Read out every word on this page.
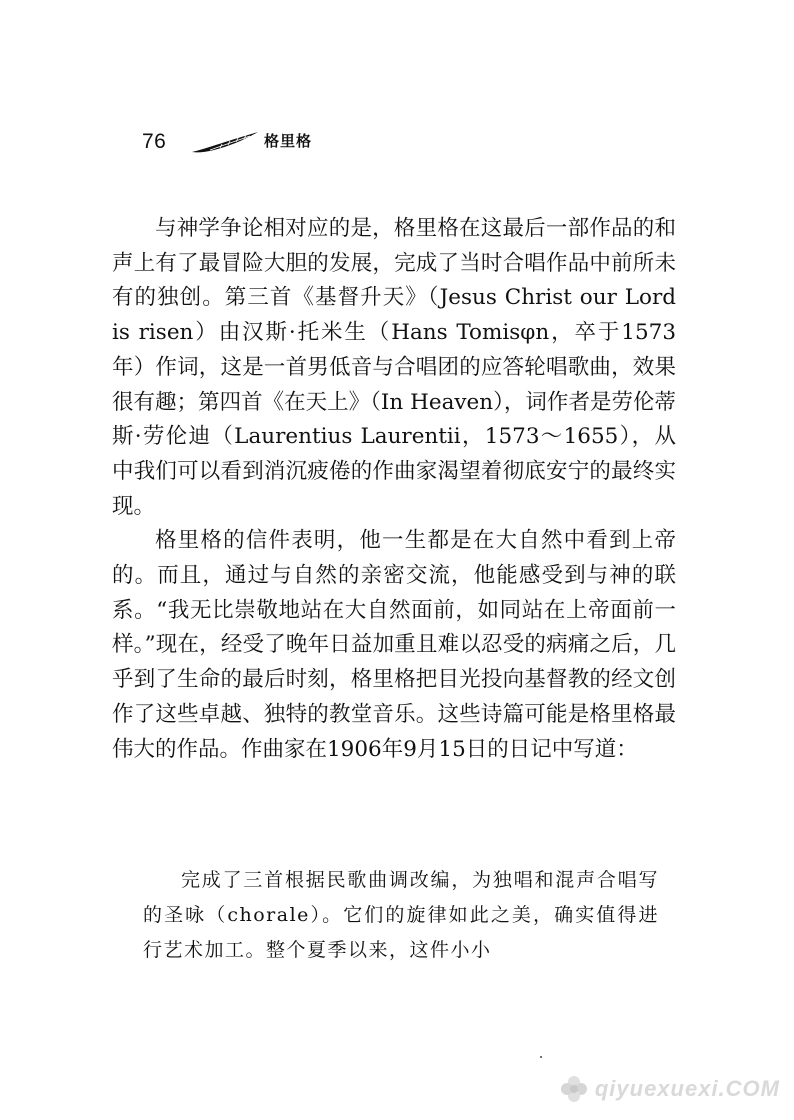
76	格里格

与神学争论相对应的是，格里格在这最后一部作品的和声上有了最冒险大胆的发展，完成了当时合唱作品中前所未有的独创。第三首《基督升天》（Jesus Christ our Lord is risen）由汉斯·托米生（Hans Tomisφn，卒于1573年）作词，这是一首男低音与合唱团的应答轮唱歌曲，效果很有趣；第四首《在天上》（In Heaven），词作者是劳伦蒂斯·劳伦迪（Laurentius Laurentii，1573～1655），从中我们可以看到消沉疲倦的作曲家渴望着彻底安宁的最终实现。

格里格的信件表明，他一生都是在大自然中看到上帝的。而且，通过与自然的亲密交流，他能感受到与神的联系。“我无比崇敬地站在大自然面前，如同站在上帝面前一样。”现在，经受了晚年日益加重且难以忍受的病痛之后，几乎到了生命的最后时刻，格里格把目光投向基督教的经文创作了这些卓越、独特的教堂音乐。这些诗篇可能是格里格最伟大的作品。作曲家在1906年9月15日的日记中写道：

完成了三首根据民歌曲调改编，为独唱和混声合唱写的圣咏（chorale）。它们的旋律如此之美，确实值得进行艺术加工。整个夏季以来，这件小小

qiyuexuexi.COM
